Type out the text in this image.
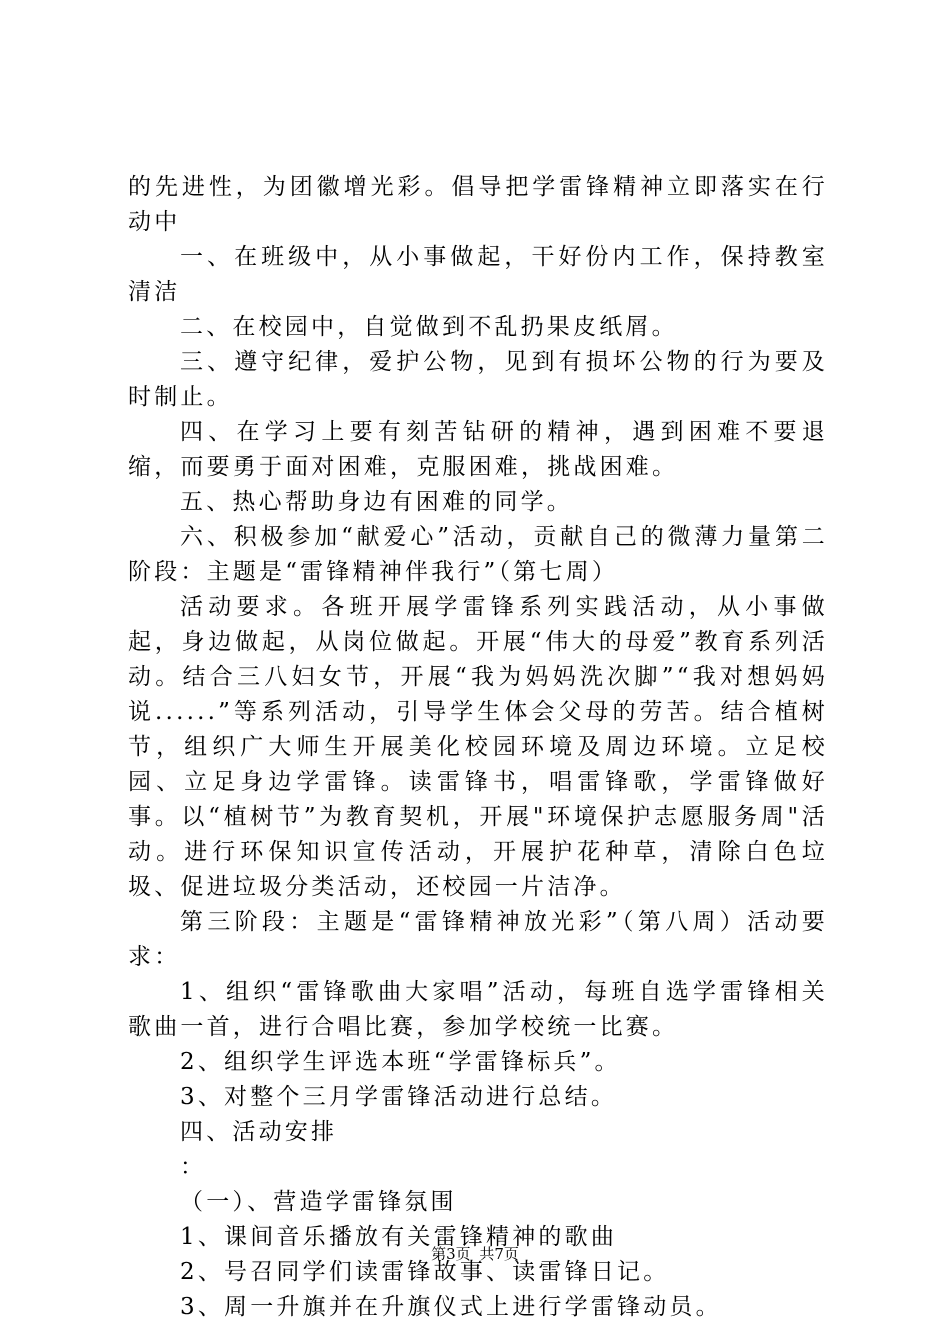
的先进性，为团徽增光彩。倡导把学雷锋精神立即落实在行动中

一、在班级中，从小事做起，干好份内工作，保持教室清洁

二、在校园中，自觉做到不乱扔果皮纸屑。

三、遵守纪律，爱护公物，见到有损坏公物的行为要及时制止。

四、在学习上要有刻苦钻研的精神，遇到困难不要退缩，而要勇于面对困难，克服困难，挑战困难。

五、热心帮助身边有困难的同学。

六、积极参加“献爱心”活动，贡献自己的微薄力量第二阶段：主题是“雷锋精神伴我行”（第七周）

活动要求。各班开展学雷锋系列实践活动，从小事做起，身边做起，从岗位做起。开展“伟大的母爱”教育系列活动。结合三八妇女节，开展“我为妈妈洗次脚”“我对想妈妈说......”等系列活动，引导学生体会父母的劳苦。结合植树节，组织广大师生开展美化校园环境及周边环境。立足校园、立足身边学雷锋。读雷锋书，唱雷锋歌，学雷锋做好事。以“植树节”为教育契机，开展"环境保护志愿服务周"活动。进行环保知识宣传活动，开展护花种草，清除白色垃圾、促进垃圾分类活动，还校园一片洁净。

第三阶段：主题是“雷锋精神放光彩”（第八周）活动要求：

1、组织“雷锋歌曲大家唱”活动，每班自选学雷锋相关歌曲一首，进行合唱比赛，参加学校统一比赛。

2、组织学生评选本班“学雷锋标兵”。

3、对整个三月学雷锋活动进行总结。

四、活动安排

：

（一）、营造学雷锋氛围

1、课间音乐播放有关雷锋精神的歌曲

2、号召同学们读雷锋故事、读雷锋日记。

3、周一升旗并在升旗仪式上进行学雷锋动员。

第3页 共7页
